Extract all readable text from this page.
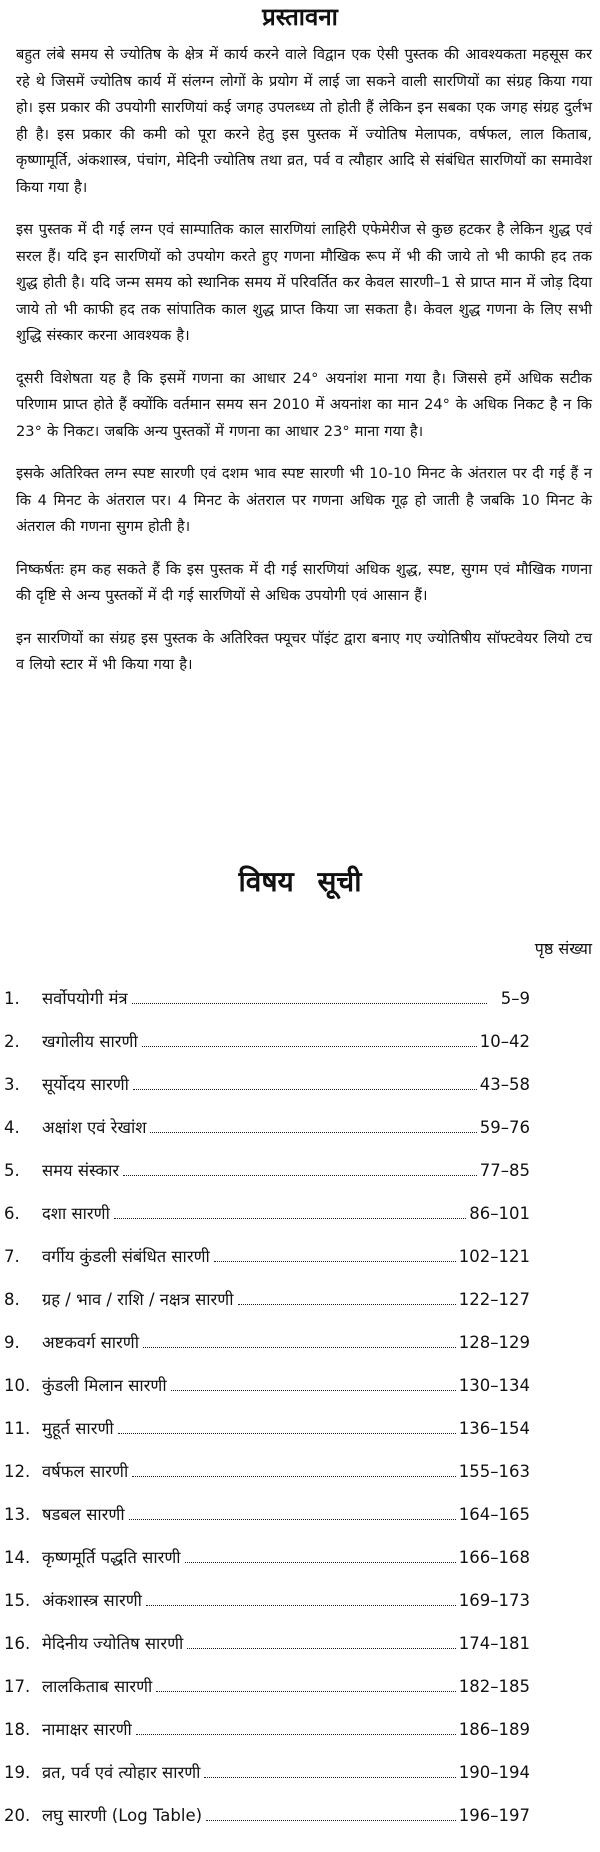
प्रस्तावना

बहुत लंबे समय से ज्योतिष के क्षेत्र में कार्य करने वाले विद्वान एक ऐसी पुस्तक की आवश्यकता महसूस कर रहे थे जिसमें ज्योतिष कार्य में संलग्न लोगों के प्रयोग में लाई जा सकने वाली सारणियों का संग्रह किया गया हो। इस प्रकार की उपयोगी सारणियां कई जगह उपलब्ध्य तो होती हैं लेकिन इन सबका एक जगह संग्रह दुर्लभ ही है। इस प्रकार की कमी को पूरा करने हेतु इस पुस्तक में ज्योतिष मेलापक, वर्षफल, लाल किताब, कृष्णामूर्ति, अंकशास्त्र, पंचांग, मेदिनी ज्योतिष तथा व्रत, पर्व व त्यौहार आदि से संबंधित सारणियों का समावेश किया गया है।

इस पुस्तक में दी गई लग्न एवं साम्पातिक काल सारणियां लाहिरी एफेमेरीज से कुछ हटकर है लेकिन शुद्ध एवं सरल हैं। यदि इन सारणियों को उपयोग करते हुए गणना मौखिक रूप में भी की जाये तो भी काफी हद तक शुद्ध होती है। यदि जन्म समय को स्थानिक समय में परिवर्तित कर केवल सारणी–1 से प्राप्त मान में जोड़ दिया जाये तो भी काफी हद तक सांपातिक काल शुद्ध प्राप्त किया जा सकता है। केवल शुद्ध गणना के लिए सभी शुद्धि संस्कार करना आवश्यक है।

दूसरी विशेषता यह है कि इसमें गणना का आधार 24° अयनांश माना गया है। जिससे हमें अधिक सटीक परिणाम प्राप्त होते हैं क्योंकि वर्तमान समय सन 2010 में अयनांश का मान 24° के अधिक निकट है न कि 23° के निकट। जबकि अन्य पुस्तकों में गणना का आधार 23° माना गया है।

इसके अतिरिक्त लग्न स्पष्ट सारणी एवं दशम भाव स्पष्ट सारणी भी 10-10 मिनट के अंतराल पर दी गई हैं न कि 4 मिनट के अंतराल पर। 4 मिनट के अंतराल पर गणना अधिक गूढ़ हो जाती है जबकि 10 मिनट के अंतराल की गणना सुगम होती है।

निष्कर्षतः हम कह सकते हैं कि इस पुस्तक में दी गई सारणियां अधिक शुद्ध, स्पष्ट, सुगम एवं मौखिक गणना की दृष्टि से अन्य पुस्तकों में दी गई सारणियों से अधिक उपयोगी एवं आसान हैं।

इन सारणियों का संग्रह इस पुस्तक के अतिरिक्त फ्यूचर पॉइंट द्वारा बनाए गए ज्योतिषीय सॉफ्टवेयर लियो टच व लियो स्टार में भी किया गया है।

विषय सूची
पृष्ठ संख्या
1.	सर्वोपयोगी मंत्र	5–9
2.	खगोलीय सारणी	10–42
3.	सूर्योदय सारणी	43–58
4.	अक्षांश एवं रेखांश	59–76
5.	समय संस्कार	77–85
6.	दशा सारणी	86–101
7.	वर्गीय कुंडली संबंधित सारणी	102–121
8.	ग्रह / भाव / राशि / नक्षत्र सारणी	122–127
9.	अष्टकवर्ग सारणी	128–129
10. कुंडली मिलान सारणी	130–134
11. मुहूर्त सारणी	136–154
12. वर्षफल सारणी	155–163
13. षडबल सारणी	164–165
14. कृष्णमूर्ति पद्धति सारणी	166–168
15. अंकशास्त्र सारणी	169–173
16. मेदिनीय ज्योतिष सारणी	174–181
17. लालकिताब सारणी	182–185
18. नामाक्षर सारणी	186–189
19. व्रत, पर्व एवं त्योहार सारणी	190–194
20. लघु सारणी (Log Table)	196–197
